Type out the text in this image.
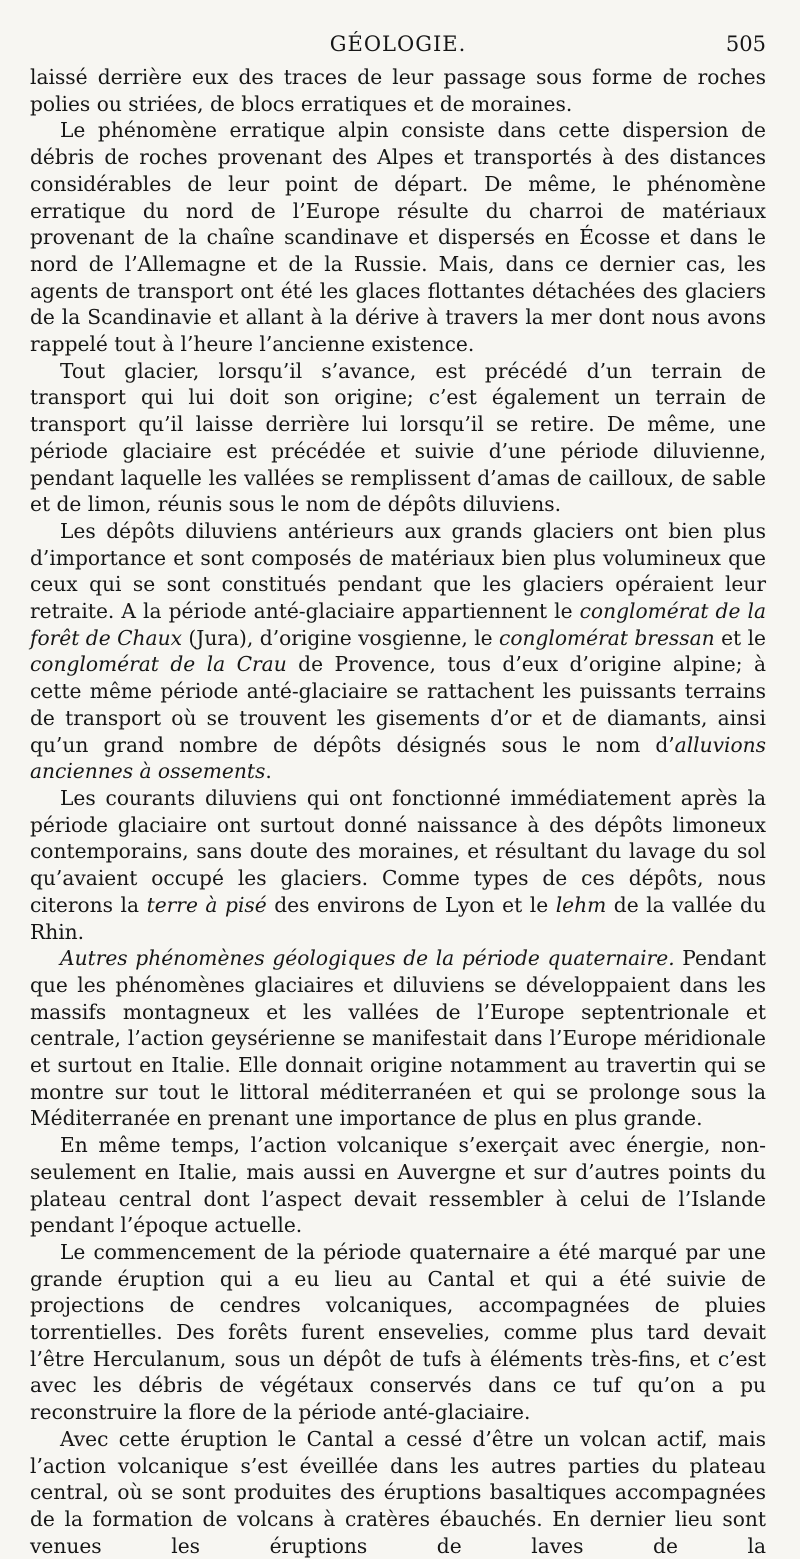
GÉOLOGIE.	505

laissé derrière eux des traces de leur passage sous forme de roches polies ou striées, de blocs erratiques et de moraines.

Le phénomène erratique alpin consiste dans cette dispersion de débris de roches provenant des Alpes et transportés à des distances considérables de leur point de départ. De même, le phénomène erratique du nord de l’Europe résulte du charroi de matériaux provenant de la chaîne scandinave et dispersés en Écosse et dans le nord de l’Allemagne et de la Russie. Mais, dans ce dernier cas, les agents de transport ont été les glaces flottantes détachées des glaciers de la Scandinavie et allant à la dérive à travers la mer dont nous avons rappelé tout à l’heure l’ancienne existence.

Tout glacier, lorsqu’il s’avance, est précédé d’un terrain de transport qui lui doit son origine; c’est également un terrain de transport qu’il laisse derrière lui lorsqu’il se retire. De même, une période glaciaire est précédée et suivie d’une période diluvienne, pendant laquelle les vallées se remplissent d’amas de cailloux, de sable et de limon, réunis sous le nom de dépôts diluviens.

Les dépôts diluviens antérieurs aux grands glaciers ont bien plus d’importance et sont composés de matériaux bien plus volumineux que ceux qui se sont constitués pendant que les glaciers opéraient leur retraite. A la période anté-glaciaire appartiennent le conglomérat de la forêt de Chaux (Jura), d’origine vosgienne, le conglomérat bressan et le conglomérat de la Crau de Provence, tous d’eux d’origine alpine; à cette même période anté-glaciaire se rattachent les puissants terrains de transport où se trouvent les gisements d’or et de diamants, ainsi qu’un grand nombre de dépôts désignés sous le nom d’alluvions anciennes à ossements.

Les courants diluviens qui ont fonctionné immédiatement après la période glaciaire ont surtout donné naissance à des dépôts limoneux contemporains, sans doute des moraines, et résultant du lavage du sol qu’avaient occupé les glaciers. Comme types de ces dépôts, nous citerons la terre à pisé des environs de Lyon et le lehm de la vallée du Rhin.

Autres phénomènes géologiques de la période quaternaire. Pendant que les phénomènes glaciaires et diluviens se développaient dans les massifs montagneux et les vallées de l’Europe septentrionale et centrale, l’action geysérienne se manifestait dans l’Europe méridionale et surtout en Italie. Elle donnait origine notamment au travertin qui se montre sur tout le littoral méditerranéen et qui se prolonge sous la Méditerranée en prenant une importance de plus en plus grande.

En même temps, l’action volcanique s’exerçait avec énergie, non-seulement en Italie, mais aussi en Auvergne et sur d’autres points du plateau central dont l’aspect devait ressembler à celui de l’Islande pendant l’époque actuelle.

Le commencement de la période quaternaire a été marqué par une grande éruption qui a eu lieu au Cantal et qui a été suivie de projections de cendres volcaniques, accompagnées de pluies torrentielles. Des forêts furent ensevelies, comme plus tard devait l’être Herculanum, sous un dépôt de tufs à éléments très-fins, et c’est avec les débris de végétaux conservés dans ce tuf qu’on a pu reconstruire la flore de la période anté-glaciaire.

Avec cette éruption le Cantal a cessé d’être un volcan actif, mais l’action volcanique s’est éveillée dans les autres parties du plateau central, où se sont produites des éruptions basaltiques accompagnées de la formation de volcans à cratères ébauchés. En dernier lieu sont venues les éruptions de laves de la
